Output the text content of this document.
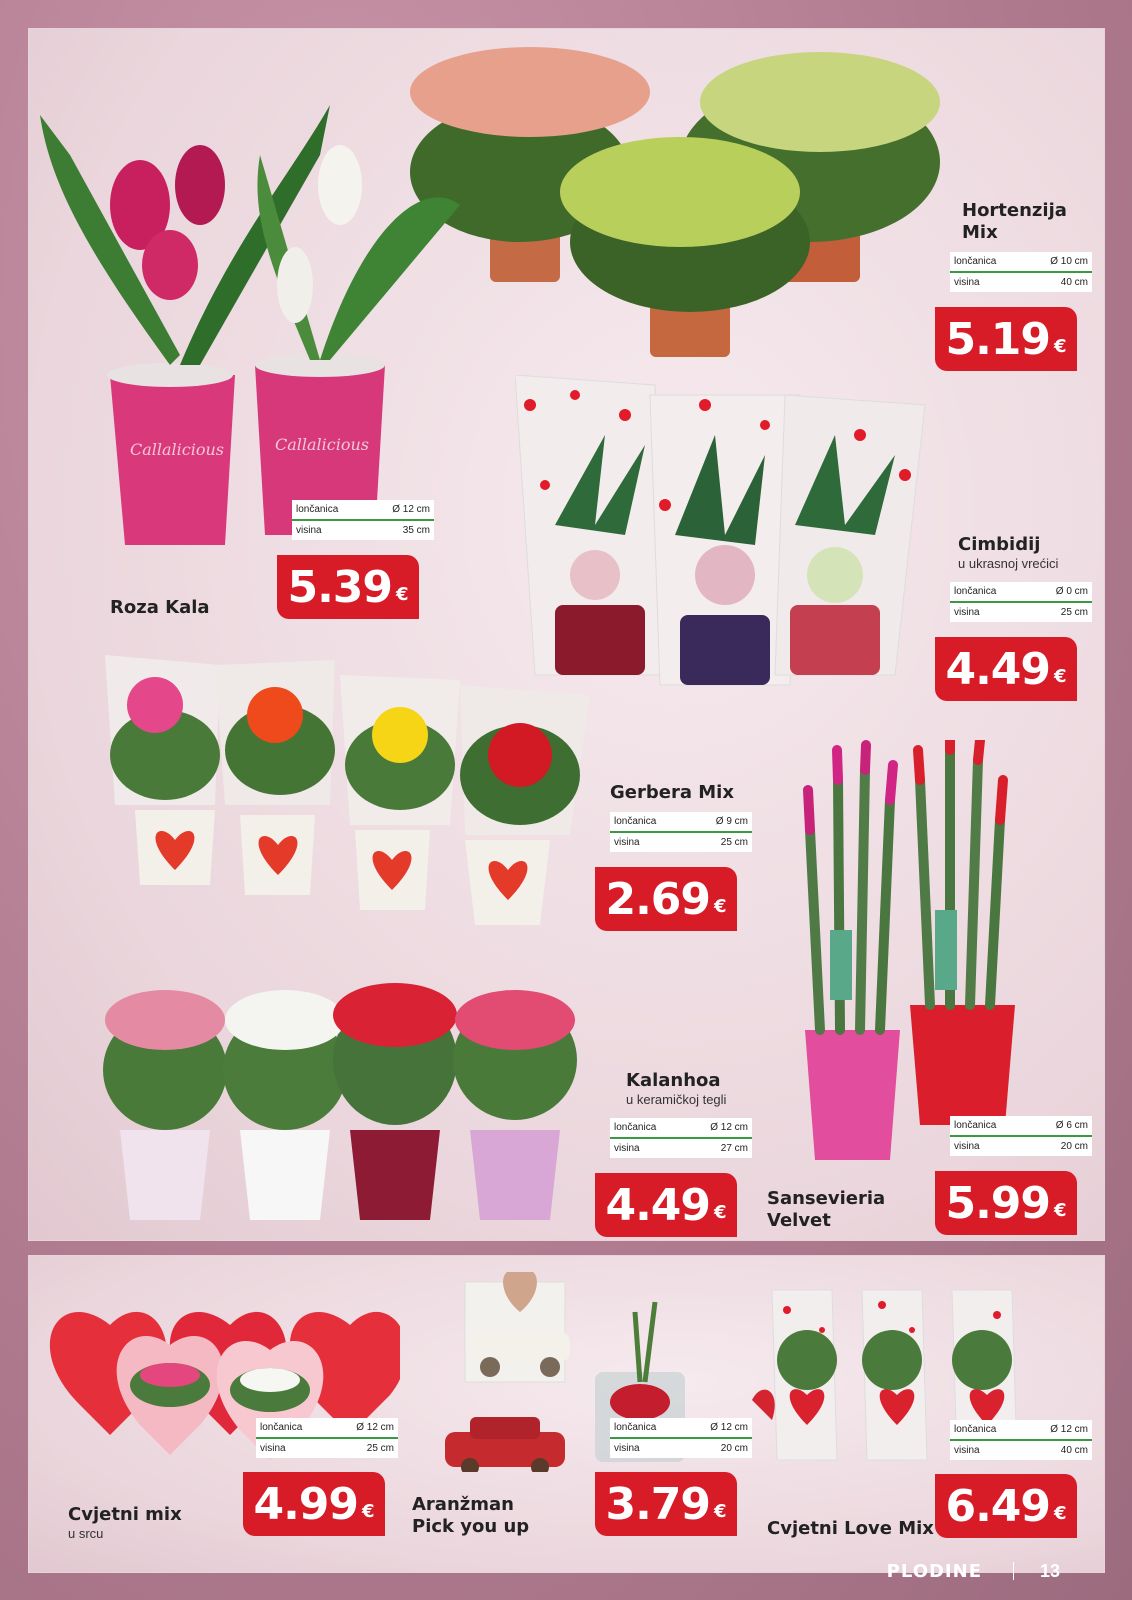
Hortenzija Mix
lončanica	Ø 10 cm
visina	40 cm
5.19 €
Callalicious	Callalicious
lončanica	Ø 12 cm
visina	35 cm
5.39 €
Roza Kala
Cimbidij
u ukrasnoj vrećici
lončanica	Ø 0 cm
visina	25 cm
4.49 €
Gerbera Mix
lončanica	Ø 9 cm
visina	25 cm
2.69 €
Kalanhoa
u keramičkoj tegli
lončanica	Ø 12 cm
visina	27 cm
4.49 €
Sansevieria
Velvet
lončanica	Ø 6 cm
visina	20 cm
5.99 €
lončanica	Ø 12 cm
visina	25 cm
4.99 €
Cvjetni mix
u srcu
lončanica	Ø 12 cm
visina	20 cm
3.79 €
Aranžman
Pick you up
lončanica	Ø 12 cm
visina	40 cm
6.49 €
Cvjetni Love Mix
PLODINE	13
